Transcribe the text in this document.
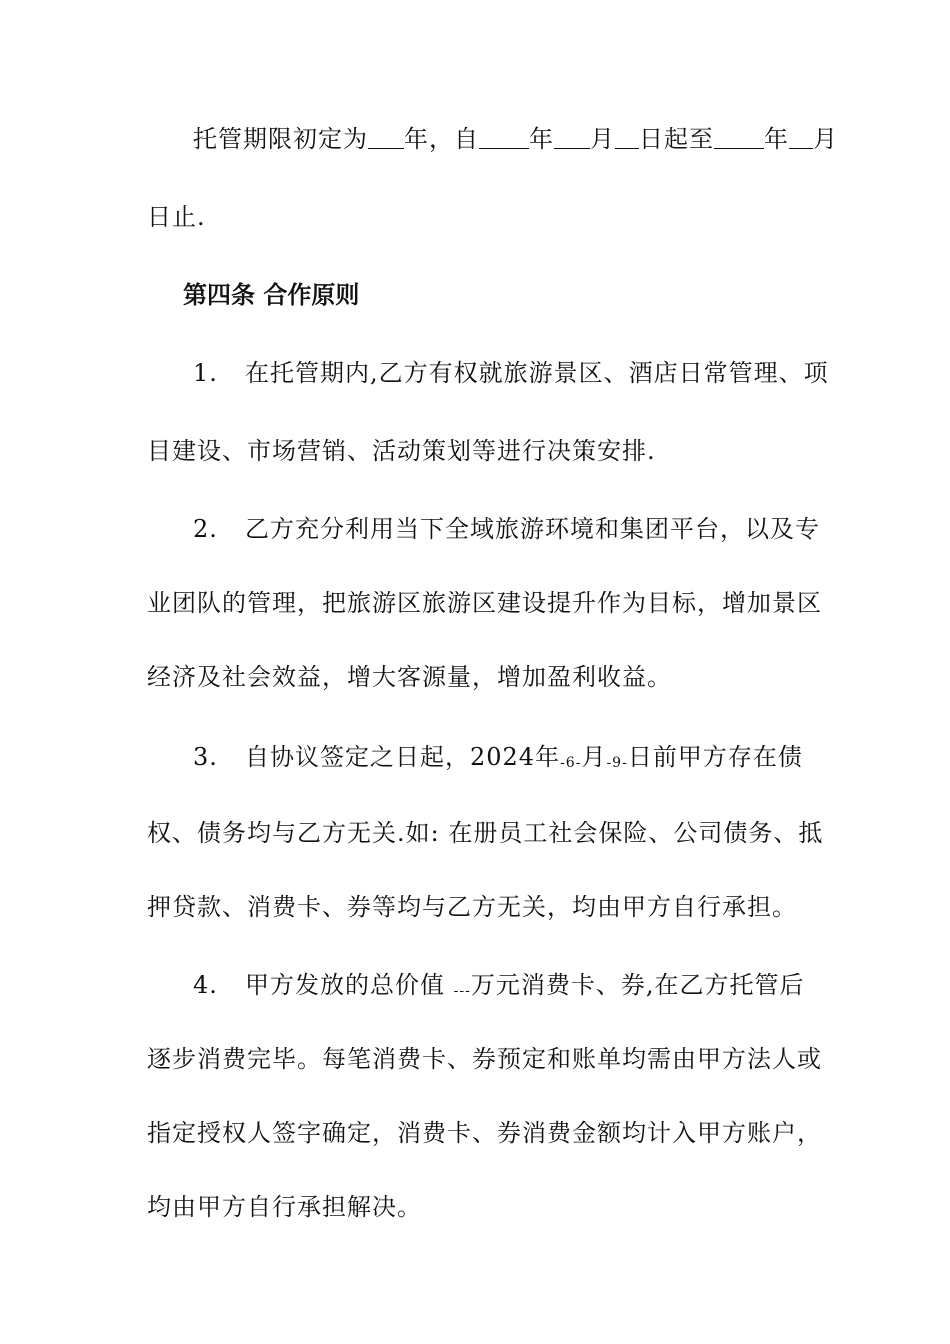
托管期限初定为 年，自 年 月 日起至 年 月
日止.
第四条 合作原则
1. 在托管期内,乙方有权就旅游景区、酒店日常管理、项
目建设、市场营销、活动策划等进行决策安排.
2. 乙方充分利用当下全域旅游环境和集团平台，以及专
业团队的管理，把旅游区旅游区建设提升作为目标，增加景区
经济及社会效益，增大客源量，增加盈利收益。
3. 自协议签定之日起，2024年-6-月-9-日前甲方存在债
权、债务均与乙方无关.如: 在册员工社会保险、公司债务、抵
押贷款、消费卡、券等均与乙方无关，均由甲方自行承担。
4. 甲方发放的总价值 ---万元消费卡、券,在乙方托管后
逐步消费完毕。每笔消费卡、券预定和账单均需由甲方法人或
指定授权人签字确定，消费卡、券消费金额均计入甲方账户，
均由甲方自行承担解决。
